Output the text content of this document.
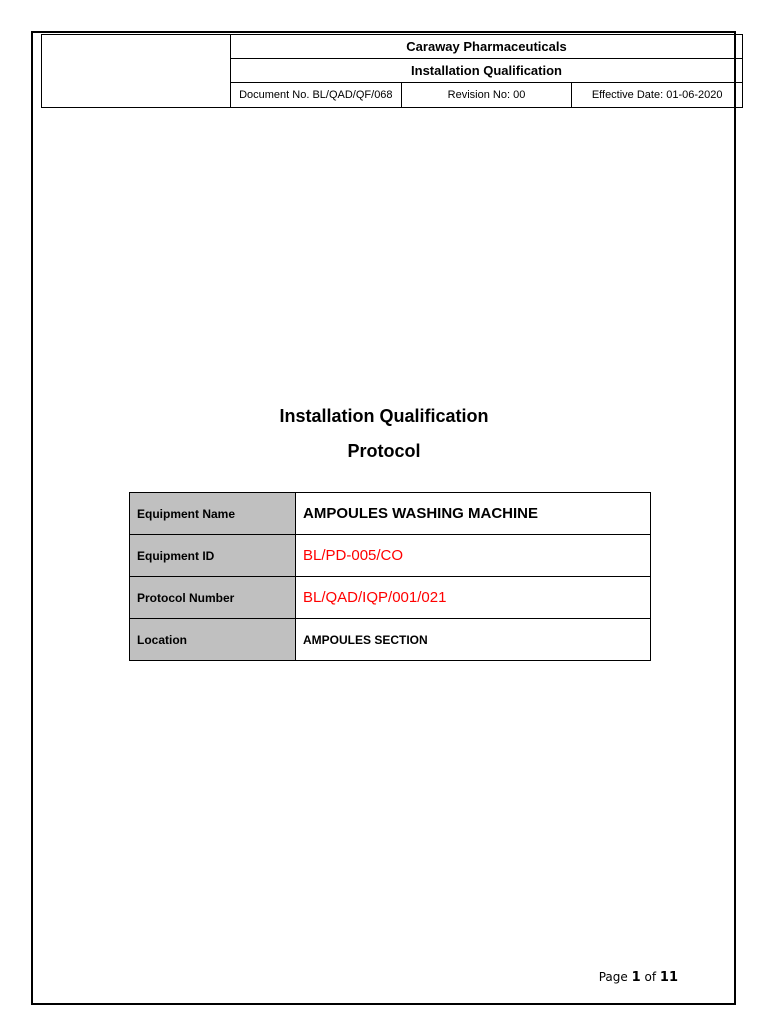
	Caraway Pharmaceuticals		
	Installation Qualification		
	Document No. BL/QAD/QF/068	Revision No: 00	Effective Date: 01-06-2020
Installation Qualification
Protocol
Equipment Name	AMPOULES WASHING MACHINE
Equipment ID	BL/PD-005/CO
Protocol Number	BL/QAD/IQP/001/021
Location	AMPOULES SECTION
Page 1 of 11
